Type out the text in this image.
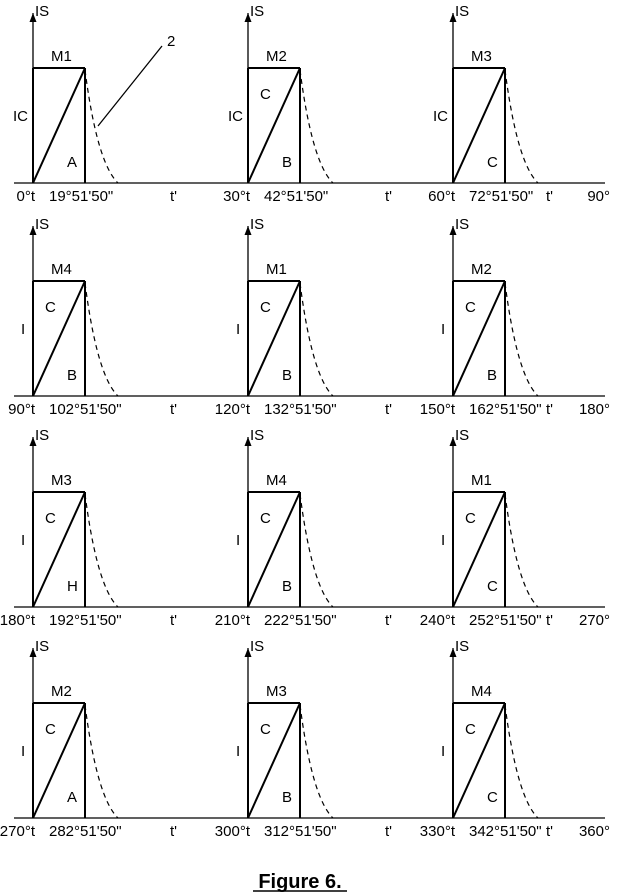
90°
IS
M1
IC
A
0°t 19°51'50"	t'
IS
M2
IC
C
B
30°t 42°51'50"	t'
IS
M3
IC
C
60°t 72°51'50" t'
180°
IS
M4
I
C
B
90°t 102°51'50"	t'
IS
M1
I
C
B
120°t 132°51'50"	t'
IS
M2
I
C
B
150°t 162°51'50" t'
270°
IS
M3
I
C
H
180°t 192°51'50"	t'
IS
M4
I
C
B
210°t 222°51'50"	t'
IS
M1
I
C
C
240°t 252°51'50" t'
360°
IS
M2
I
C
A
270°t 282°51'50"	t'
IS
M3
I
C
B
300°t 312°51'50"	t'
IS
M4
I
C
C
330°t 342°51'50" t'
2
Figure 6.
